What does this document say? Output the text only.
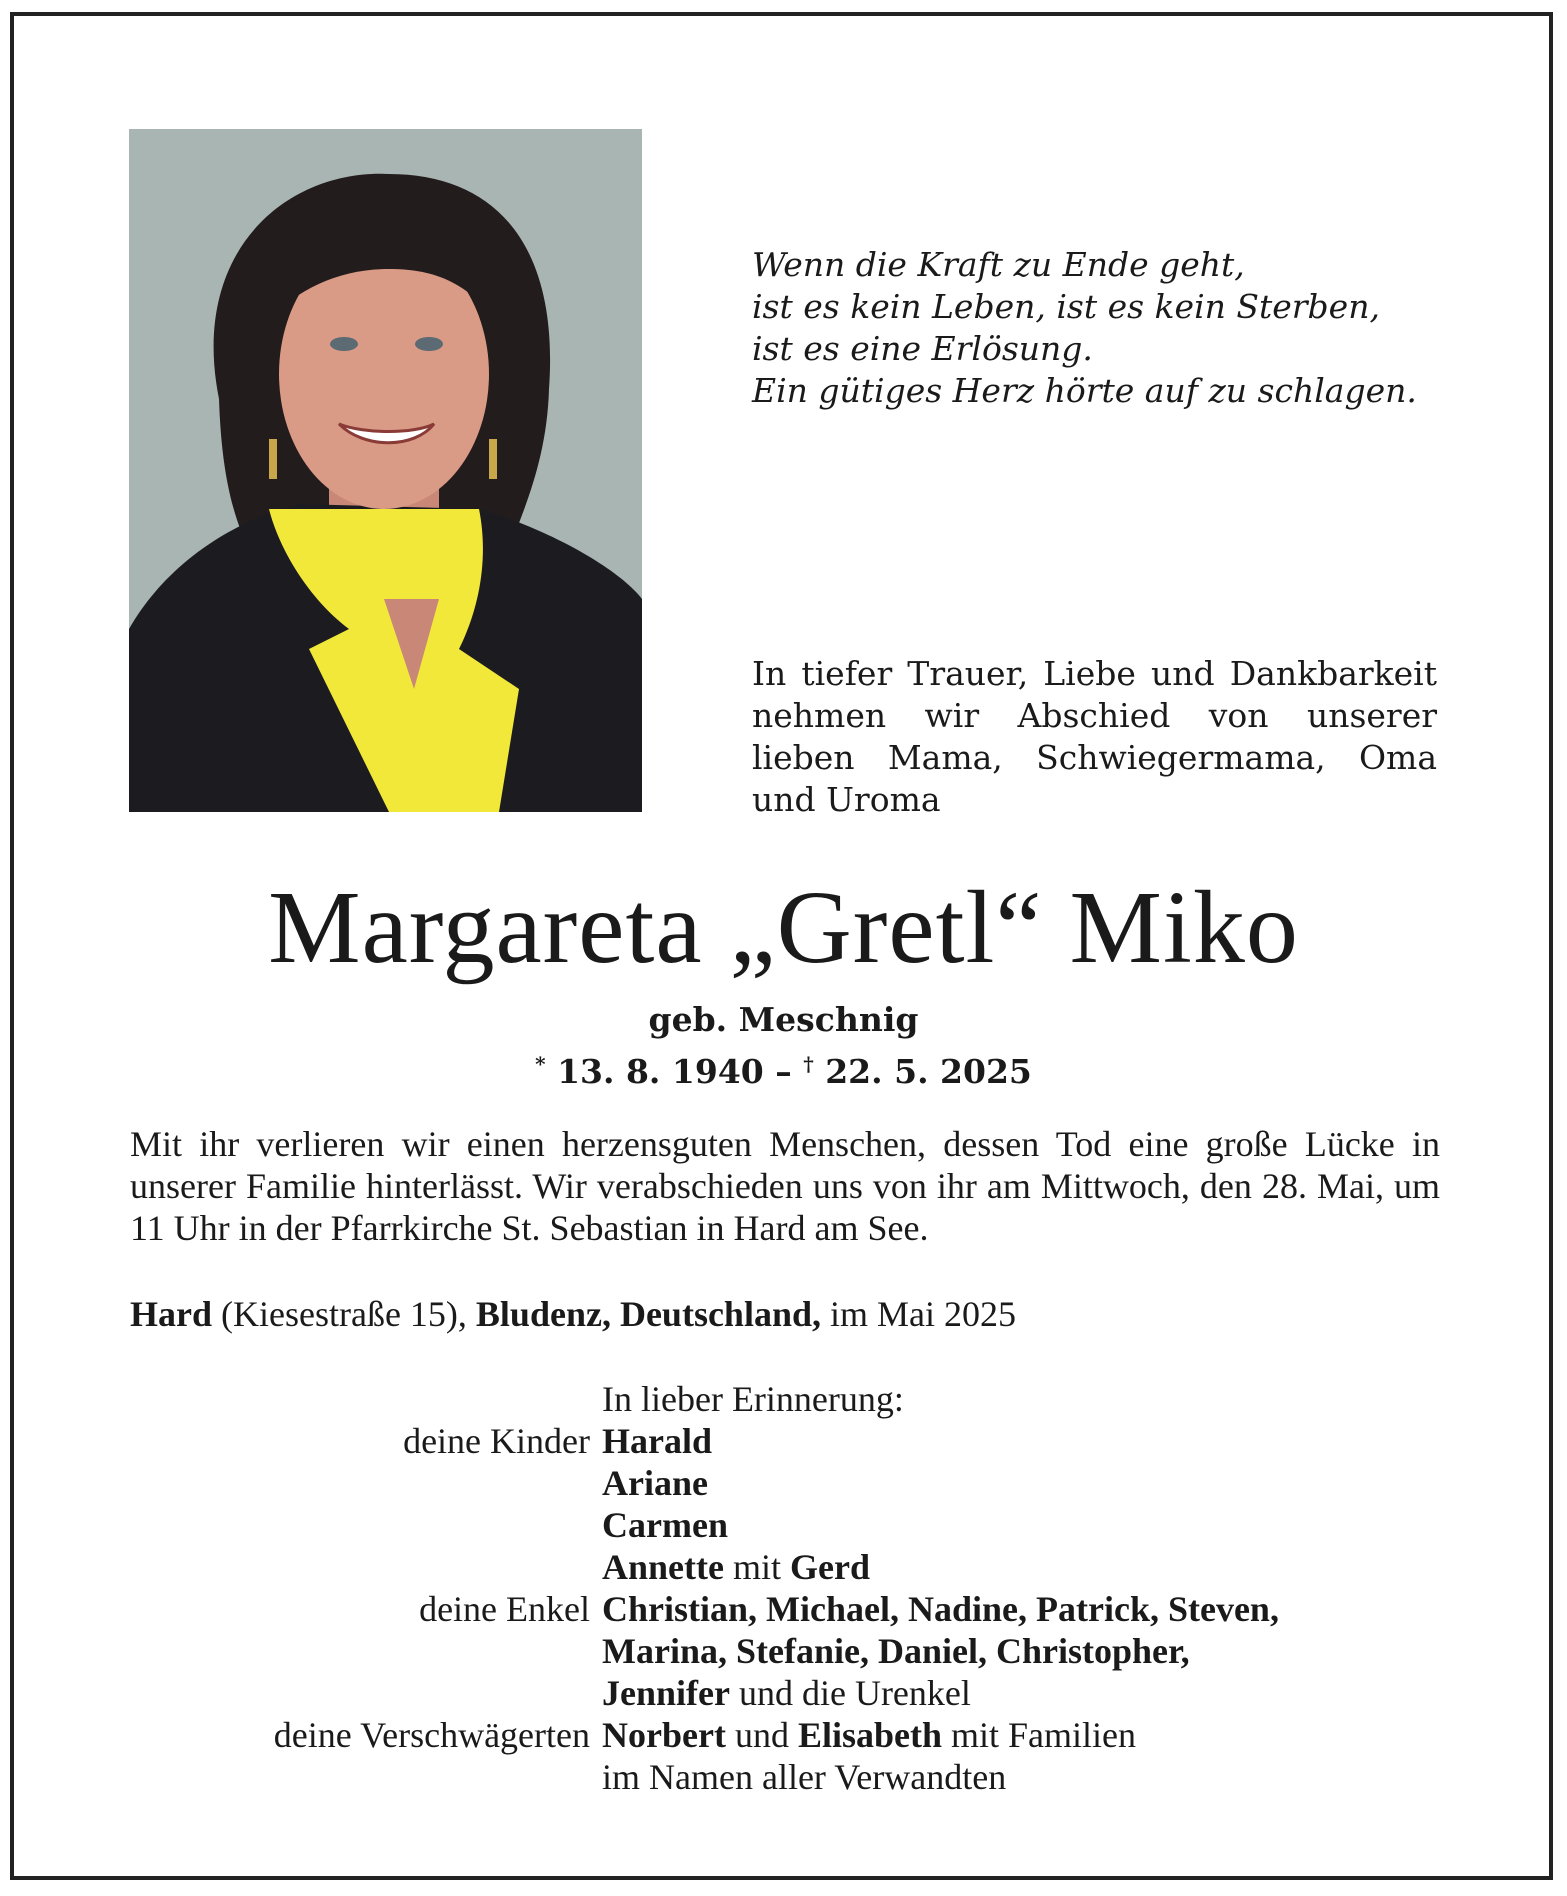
Wenn die Kraft zu Ende geht,
ist es kein Leben, ist es kein Sterben,
ist es eine Erlösung.
Ein gütiges Herz hörte auf zu schlagen.
In tiefer Trauer, Liebe und Dankbarkeit nehmen wir Abschied von unserer lieben Mama, Schwiegermama, Oma und Uroma
Margareta „Gretl“ Miko
geb. Meschnig
* 13. 8. 1940 – † 22. 5. 2025
Mit ihr verlieren wir einen herzensguten Menschen, dessen Tod eine große Lücke in unserer Familie hinterlässt. Wir verabschieden uns von ihr am Mittwoch, den 28. Mai, um 11 Uhr in der Pfarrkirche St. Sebastian in Hard am See.
Hard (Kiesestraße 15), Bludenz, Deutschland, im Mai 2025
In lieber Erinnerung:
deine Kinder Harald
Ariane
Carmen
Annette mit Gerd
deine Enkel Christian, Michael, Nadine, Patrick, Steven,
Marina, Stefanie, Daniel, Christopher,
Jennifer und die Urenkel
deine Verschwägerten Norbert und Elisabeth mit Familien
im Namen aller Verwandten
